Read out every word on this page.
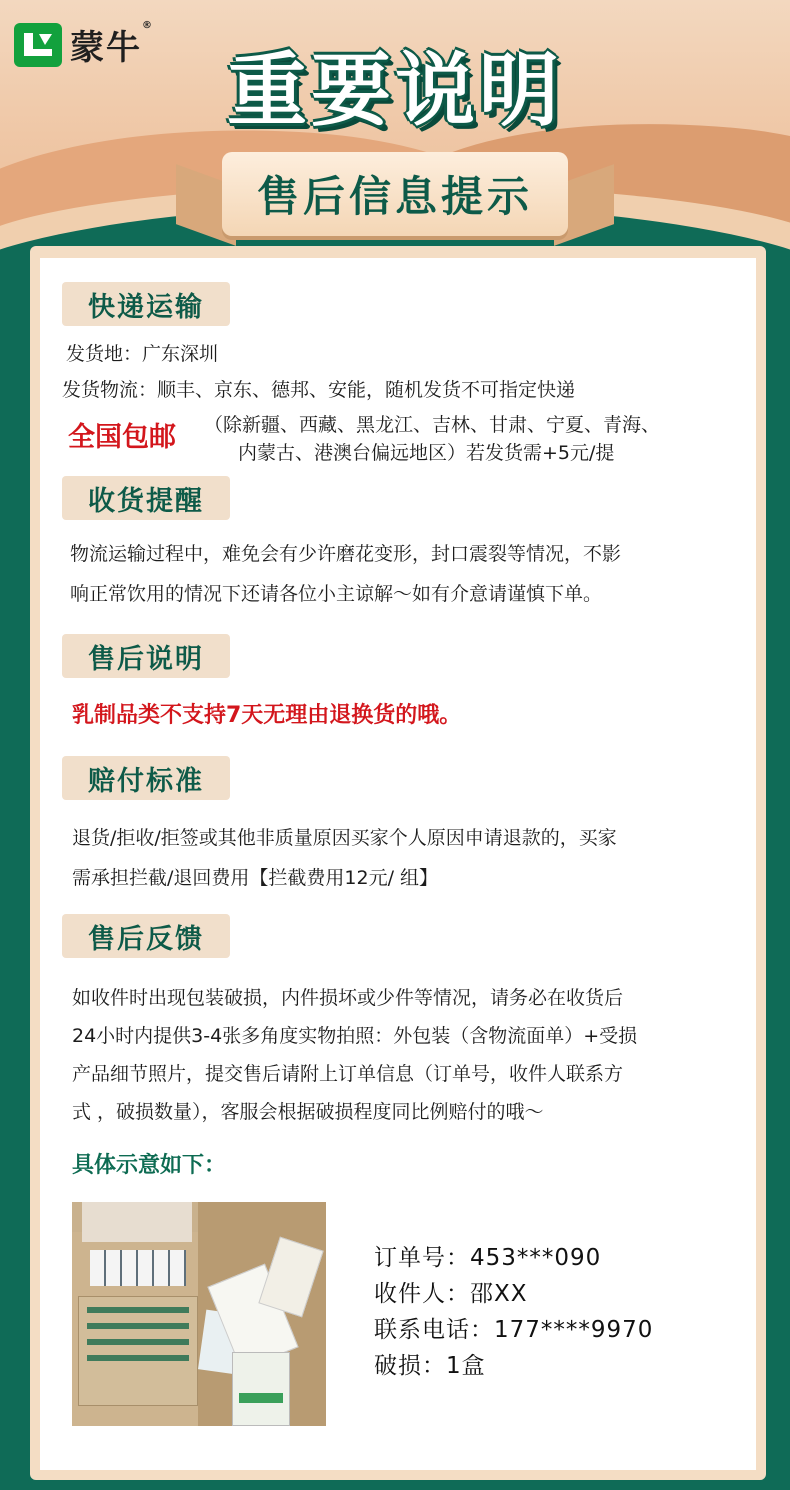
蒙牛®
重要说明
售后信息提示
快递运输
发货地：广东深圳
发货物流：顺丰、京东、德邦、安能，随机发货不可指定快递
全国包邮 （除新疆、西藏、黑龙江、吉林、甘肃、宁夏、青海、
内蒙古、港澳台偏远地区）若发货需+5元/提
收货提醒
物流运输过程中，难免会有少许磨花变形，封口震裂等情况，不影
响正常饮用的情况下还请各位小主谅解～如有介意请谨慎下单。
售后说明
乳制品类不支持7天无理由退换货的哦。
赔付标准
退货/拒收/拒签或其他非质量原因买家个人原因申请退款的，买家
需承担拦截/退回费用【拦截费用12元/ 组】
售后反馈
如收件时出现包装破损，内件损坏或少件等情况，请务必在收货后
24小时内提供3-4张多角度实物拍照：外包装（含物流面单）+受损
产品细节照片，提交售后请附上订单信息（订单号，收件人联系方
式 ，破损数量），客服会根据破损程度同比例赔付的哦～
具体示意如下：
订单号：453***090
收件人：邵XX
联系电话：177****9970
破损：1盒
